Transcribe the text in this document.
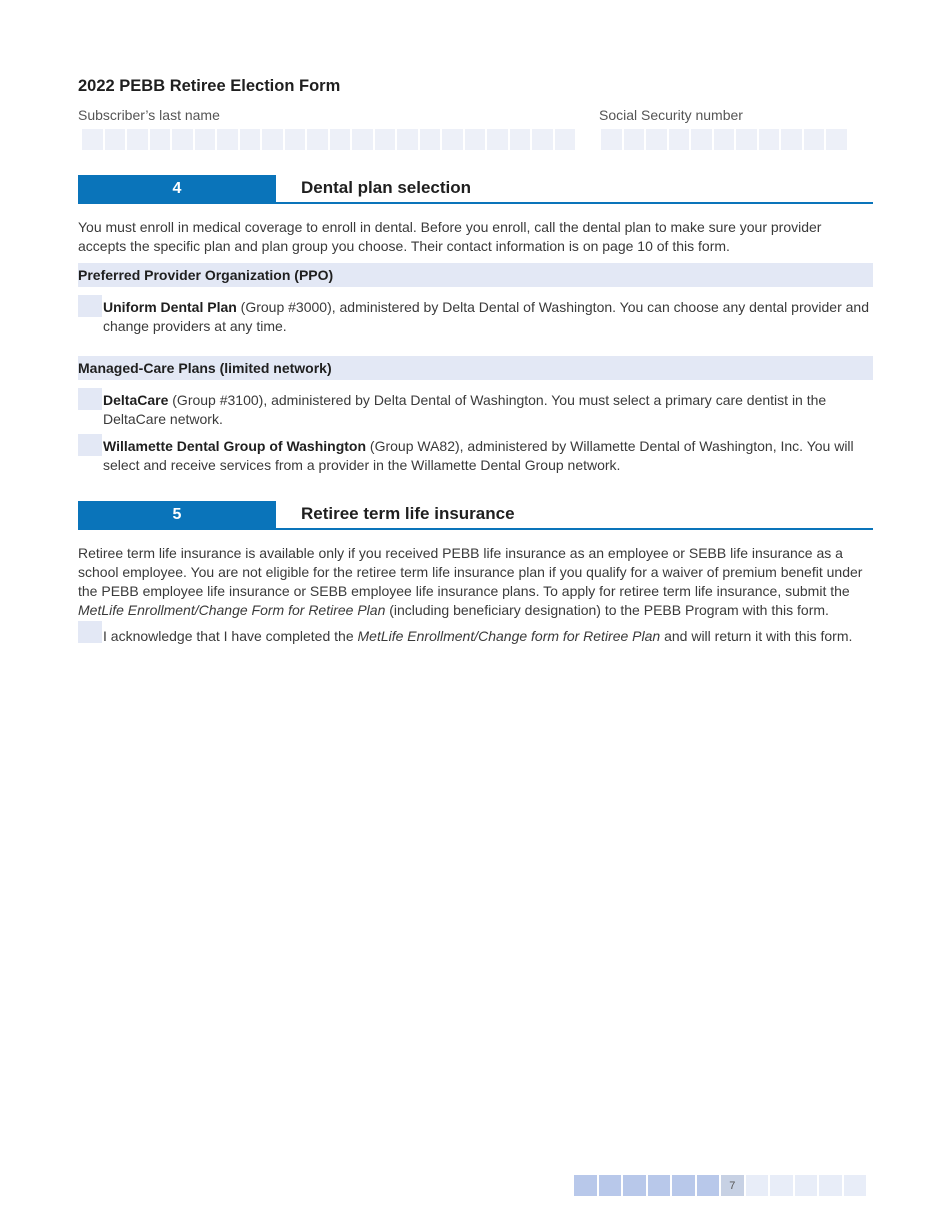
2022 PEBB Retiree Election Form
Subscriber’s last name	Social Security number
4	Dental plan selection
You must enroll in medical coverage to enroll in dental. Before you enroll, call the dental plan to make sure your provider accepts the specific plan and plan group you choose. Their contact information is on page 10 of this form.
Preferred Provider Organization (PPO)
Uniform Dental Plan (Group #3000), administered by Delta Dental of Washington. You can choose any dental provider and change providers at any time.
Managed-Care Plans (limited network)
DeltaCare (Group #3100), administered by Delta Dental of Washington. You must select a primary care dentist in the DeltaCare network.
Willamette Dental Group of Washington (Group WA82), administered by Willamette Dental of Washington, Inc. You will select and receive services from a provider in the Willamette Dental Group network.
5	Retiree term life insurance
Retiree term life insurance is available only if you received PEBB life insurance as an employee or SEBB life insurance as a school employee. You are not eligible for the retiree term life insurance plan if you qualify for a waiver of premium benefit under the PEBB employee life insurance or SEBB employee life insurance plans. To apply for retiree term life insurance, submit the MetLife Enrollment/Change Form for Retiree Plan (including beneficiary designation) to the PEBB Program with this form.
I acknowledge that I have completed the MetLife Enrollment/Change form for Retiree Plan and will return it with this form.
7
